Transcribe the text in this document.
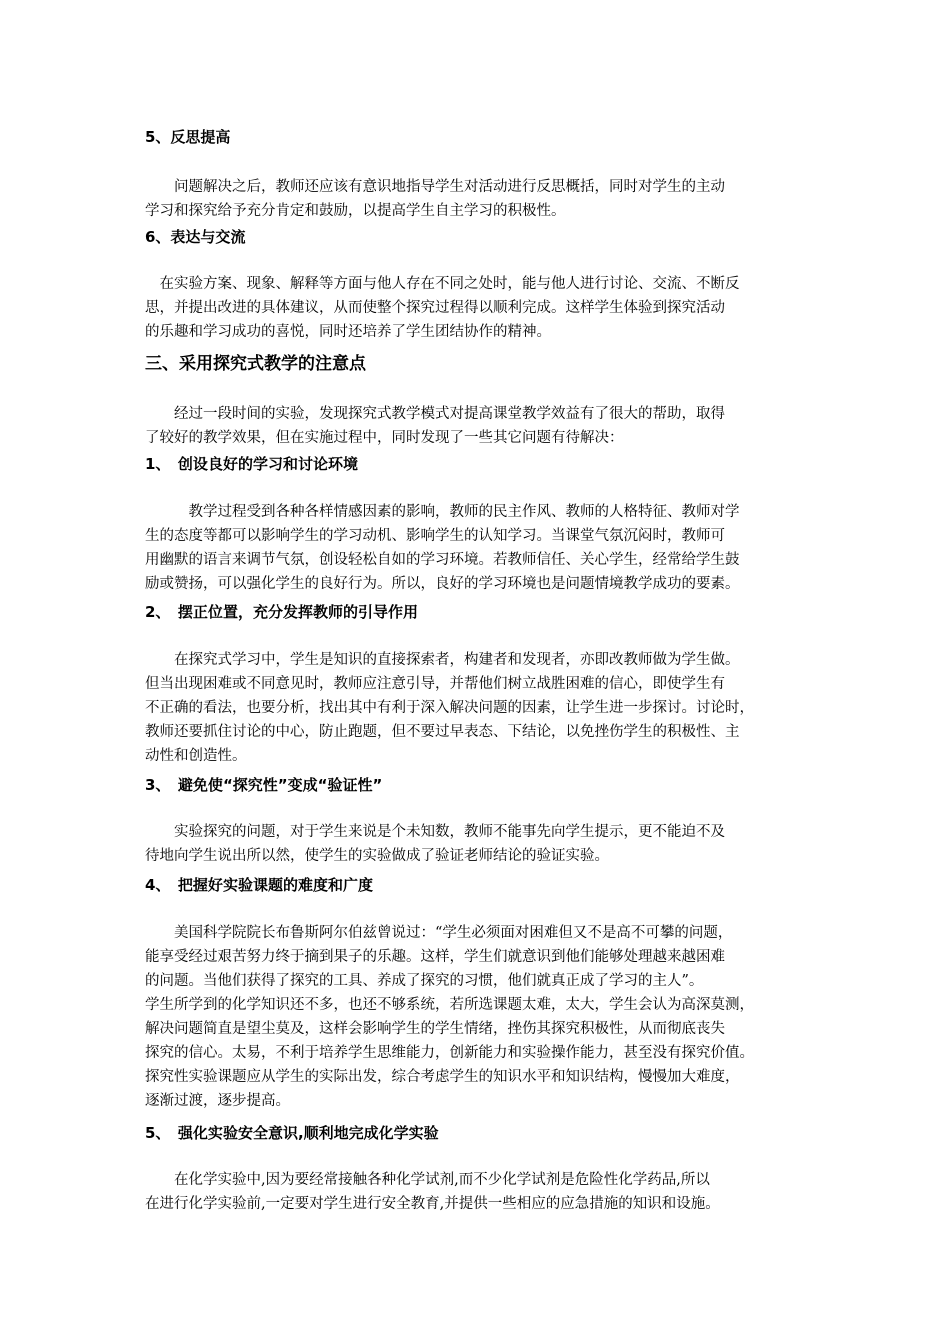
5、反思提高
　　问题解决之后，教师还应该有意识地指导学生对活动进行反思概括，同时对学生的主动
学习和探究给予充分肯定和鼓励，以提高学生自主学习的积极性。
6、表达与交流
　在实验方案、现象、解释等方面与他人存在不同之处时，能与他人进行讨论、交流、不断反
思，并提出改进的具体建议，从而使整个探究过程得以顺利完成。这样学生体验到探究活动
的乐趣和学习成功的喜悦，同时还培养了学生团结协作的精神。
三、采用探究式教学的注意点
　　经过一段时间的实验，发现探究式教学模式对提高课堂教学效益有了很大的帮助，取得
了较好的教学效果，但在实施过程中，同时发现了一些其它问题有待解决：
1、　创设良好的学习和讨论环境
　　　教学过程受到各种各样情感因素的影响，教师的民主作风、教师的人格特征、教师对学
生的态度等都可以影响学生的学习动机、影响学生的认知学习。当课堂气氛沉闷时，教师可
用幽默的语言来调节气氛，创设轻松自如的学习环境。若教师信任、关心学生，经常给学生鼓
励或赞扬，可以强化学生的良好行为。所以，良好的学习环境也是问题情境教学成功的要素。
2、　摆正位置，充分发挥教师的引导作用
　　在探究式学习中，学生是知识的直接探索者，构建者和发现者，亦即改教师做为学生做。
但当出现困难或不同意见时，教师应注意引导，并帮他们树立战胜困难的信心，即使学生有
不正确的看法，也要分析，找出其中有利于深入解决问题的因素，让学生进一步探讨。讨论时，
教师还要抓住讨论的中心，防止跑题，但不要过早表态、下结论，以免挫伤学生的积极性、主
动性和创造性。
3、　避免使“探究性”变成“验证性”
　　实验探究的问题，对于学生来说是个未知数，教师不能事先向学生提示，更不能迫不及
待地向学生说出所以然，使学生的实验做成了验证老师结论的验证实验。
4、　把握好实验课题的难度和广度
　　美国科学院院长布鲁斯阿尔伯兹曾说过：“学生必须面对困难但又不是高不可攀的问题，
能享受经过艰苦努力终于摘到果子的乐趣。这样，学生们就意识到他们能够处理越来越困难
的问题。当他们获得了探究的工具、养成了探究的习惯，他们就真正成了学习的主人”。
学生所学到的化学知识还不多，也还不够系统，若所选课题太难，太大，学生会认为高深莫测，
解决问题简直是望尘莫及，这样会影响学生的学生情绪，挫伤其探究积极性，从而彻底丧失
探究的信心。太易，不利于培养学生思维能力，创新能力和实验操作能力，甚至没有探究价值。
探究性实验课题应从学生的实际出发，综合考虑学生的知识水平和知识结构，慢慢加大难度，
逐渐过渡，逐步提高。
5、　强化实验安全意识,顺利地完成化学实验
　　在化学实验中,因为要经常接触各种化学试剂,而不少化学试剂是危险性化学药品,所以
在进行化学实验前,一定要对学生进行安全教育,并提供一些相应的应急措施的知识和设施。
